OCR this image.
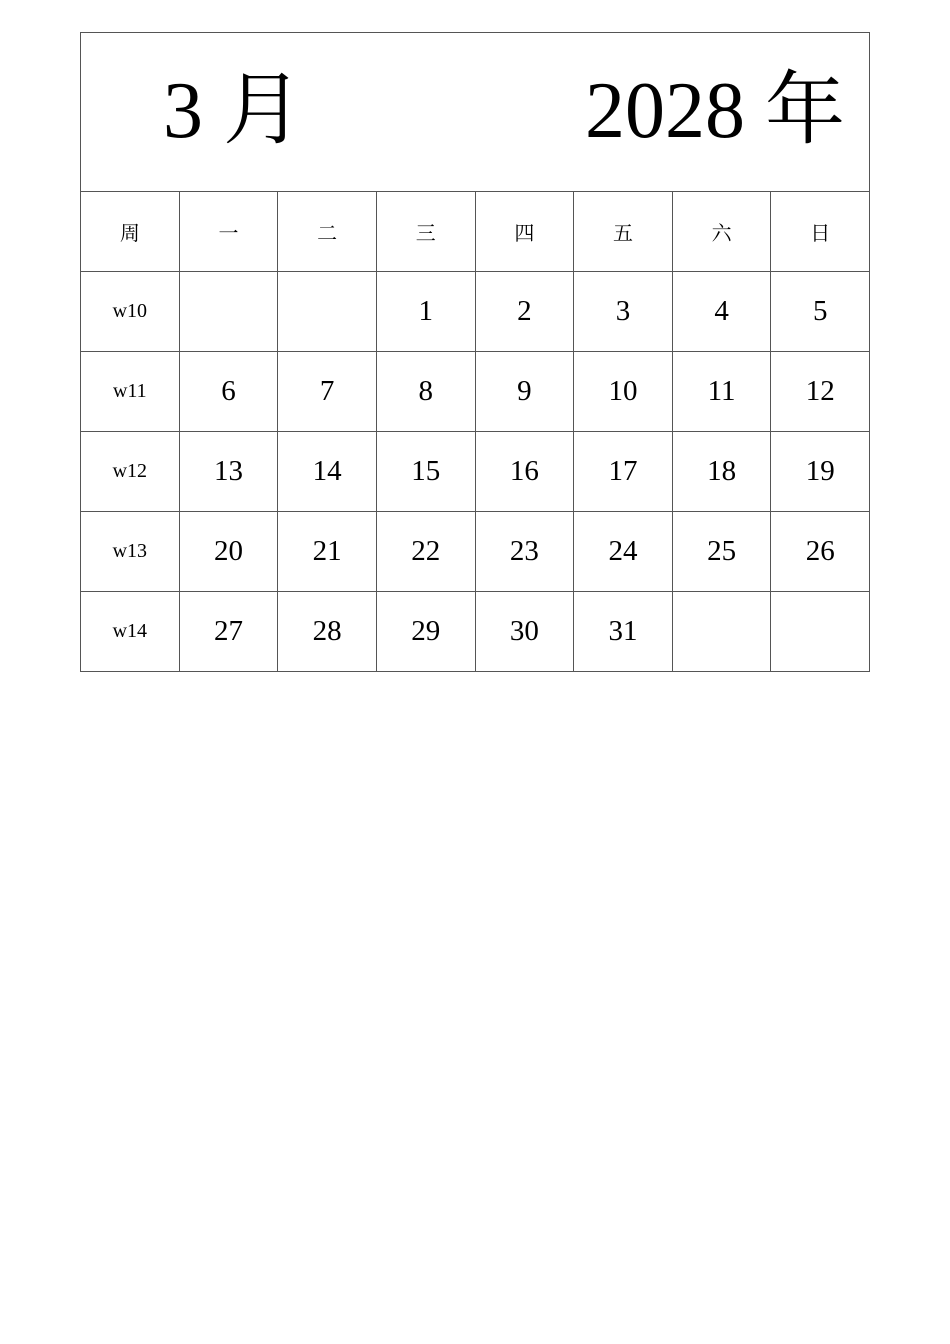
3 月 2028 年							

周	一	二	三	四	五	六	日
w10			1	2	3	4	5
w11	6	7	8	9	10	11	12
w12	13	14	15	16	17	18	19
w13	20	21	22	23	24	25	26
w14	27	28	29	30	31		
